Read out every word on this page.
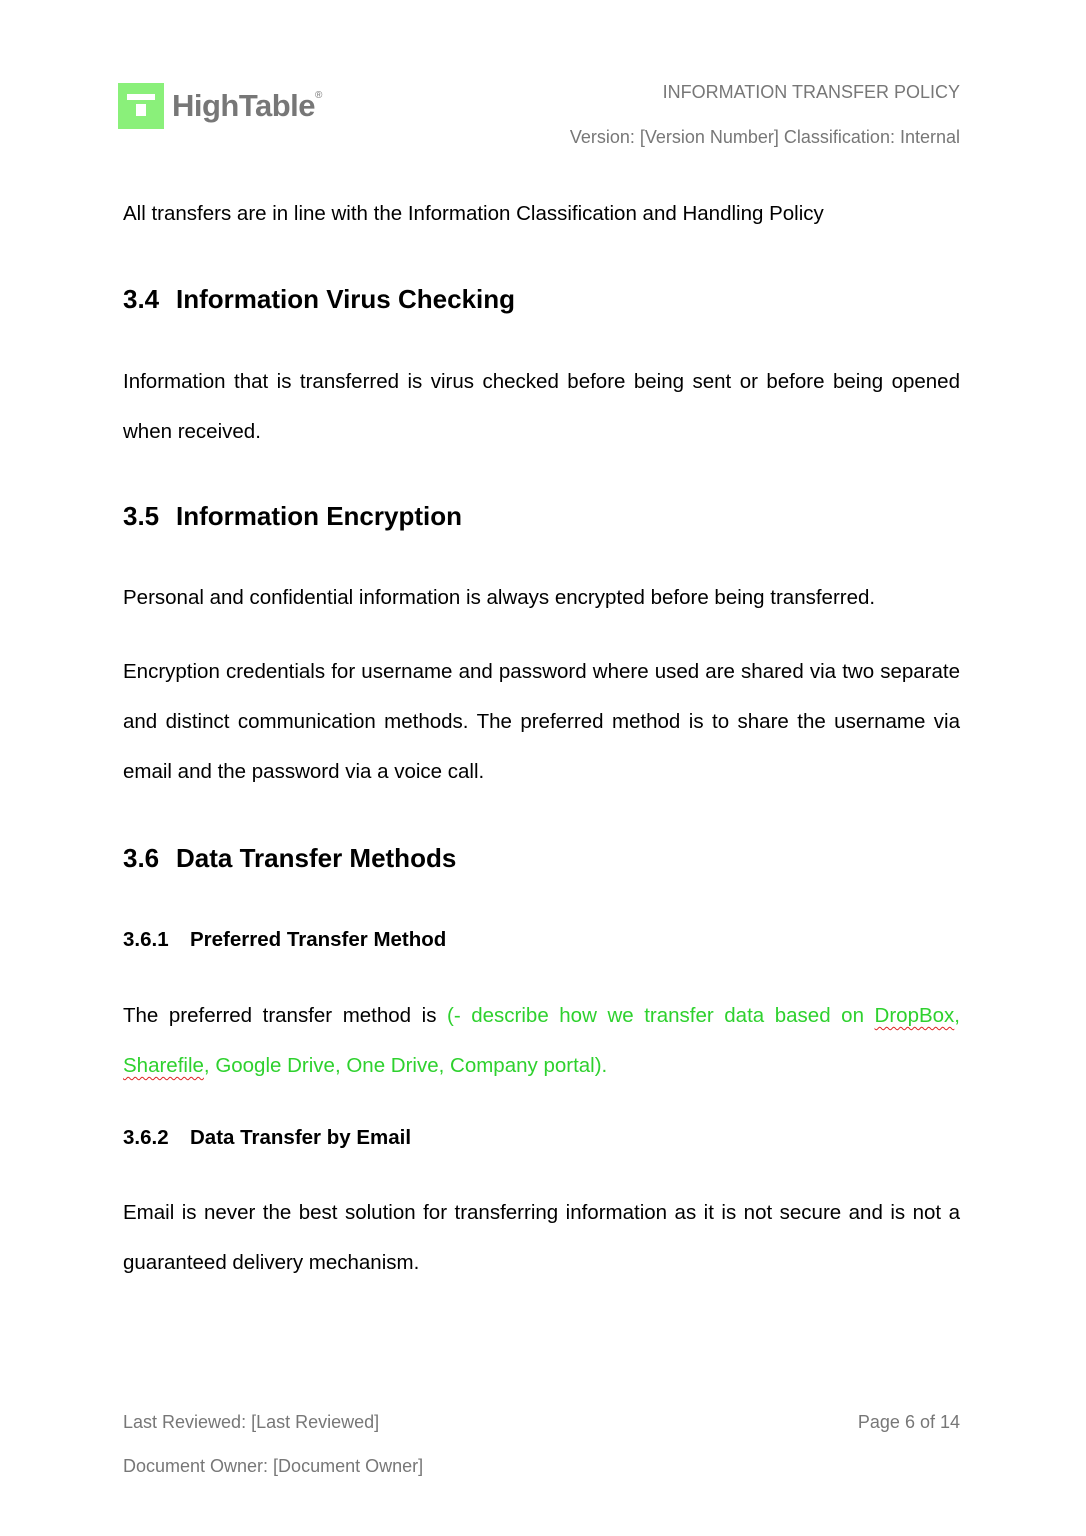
HighTable®	INFORMATION TRANSFER POLICY
Version: [Version Number] Classification: Internal
All transfers are in line with the Information Classification and Handling Policy
3.4 Information Virus Checking
Information that is transferred is virus checked before being sent or before being opened when received.
3.5 Information Encryption
Personal and confidential information is always encrypted before being transferred.
Encryption credentials for username and password where used are shared via two separate and distinct communication methods. The preferred method is to share the username via email and the password via a voice call.
3.6 Data Transfer Methods
3.6.1 Preferred Transfer Method
The preferred transfer method is (- describe how we transfer data based on DropBox, Sharefile, Google Drive, One Drive, Company portal).
3.6.2 Data Transfer by Email
Email is never the best solution for transferring information as it is not secure and is not a guaranteed delivery mechanism.
Last Reviewed: [Last Reviewed]	Page 6 of 14
Document Owner: [Document Owner]
